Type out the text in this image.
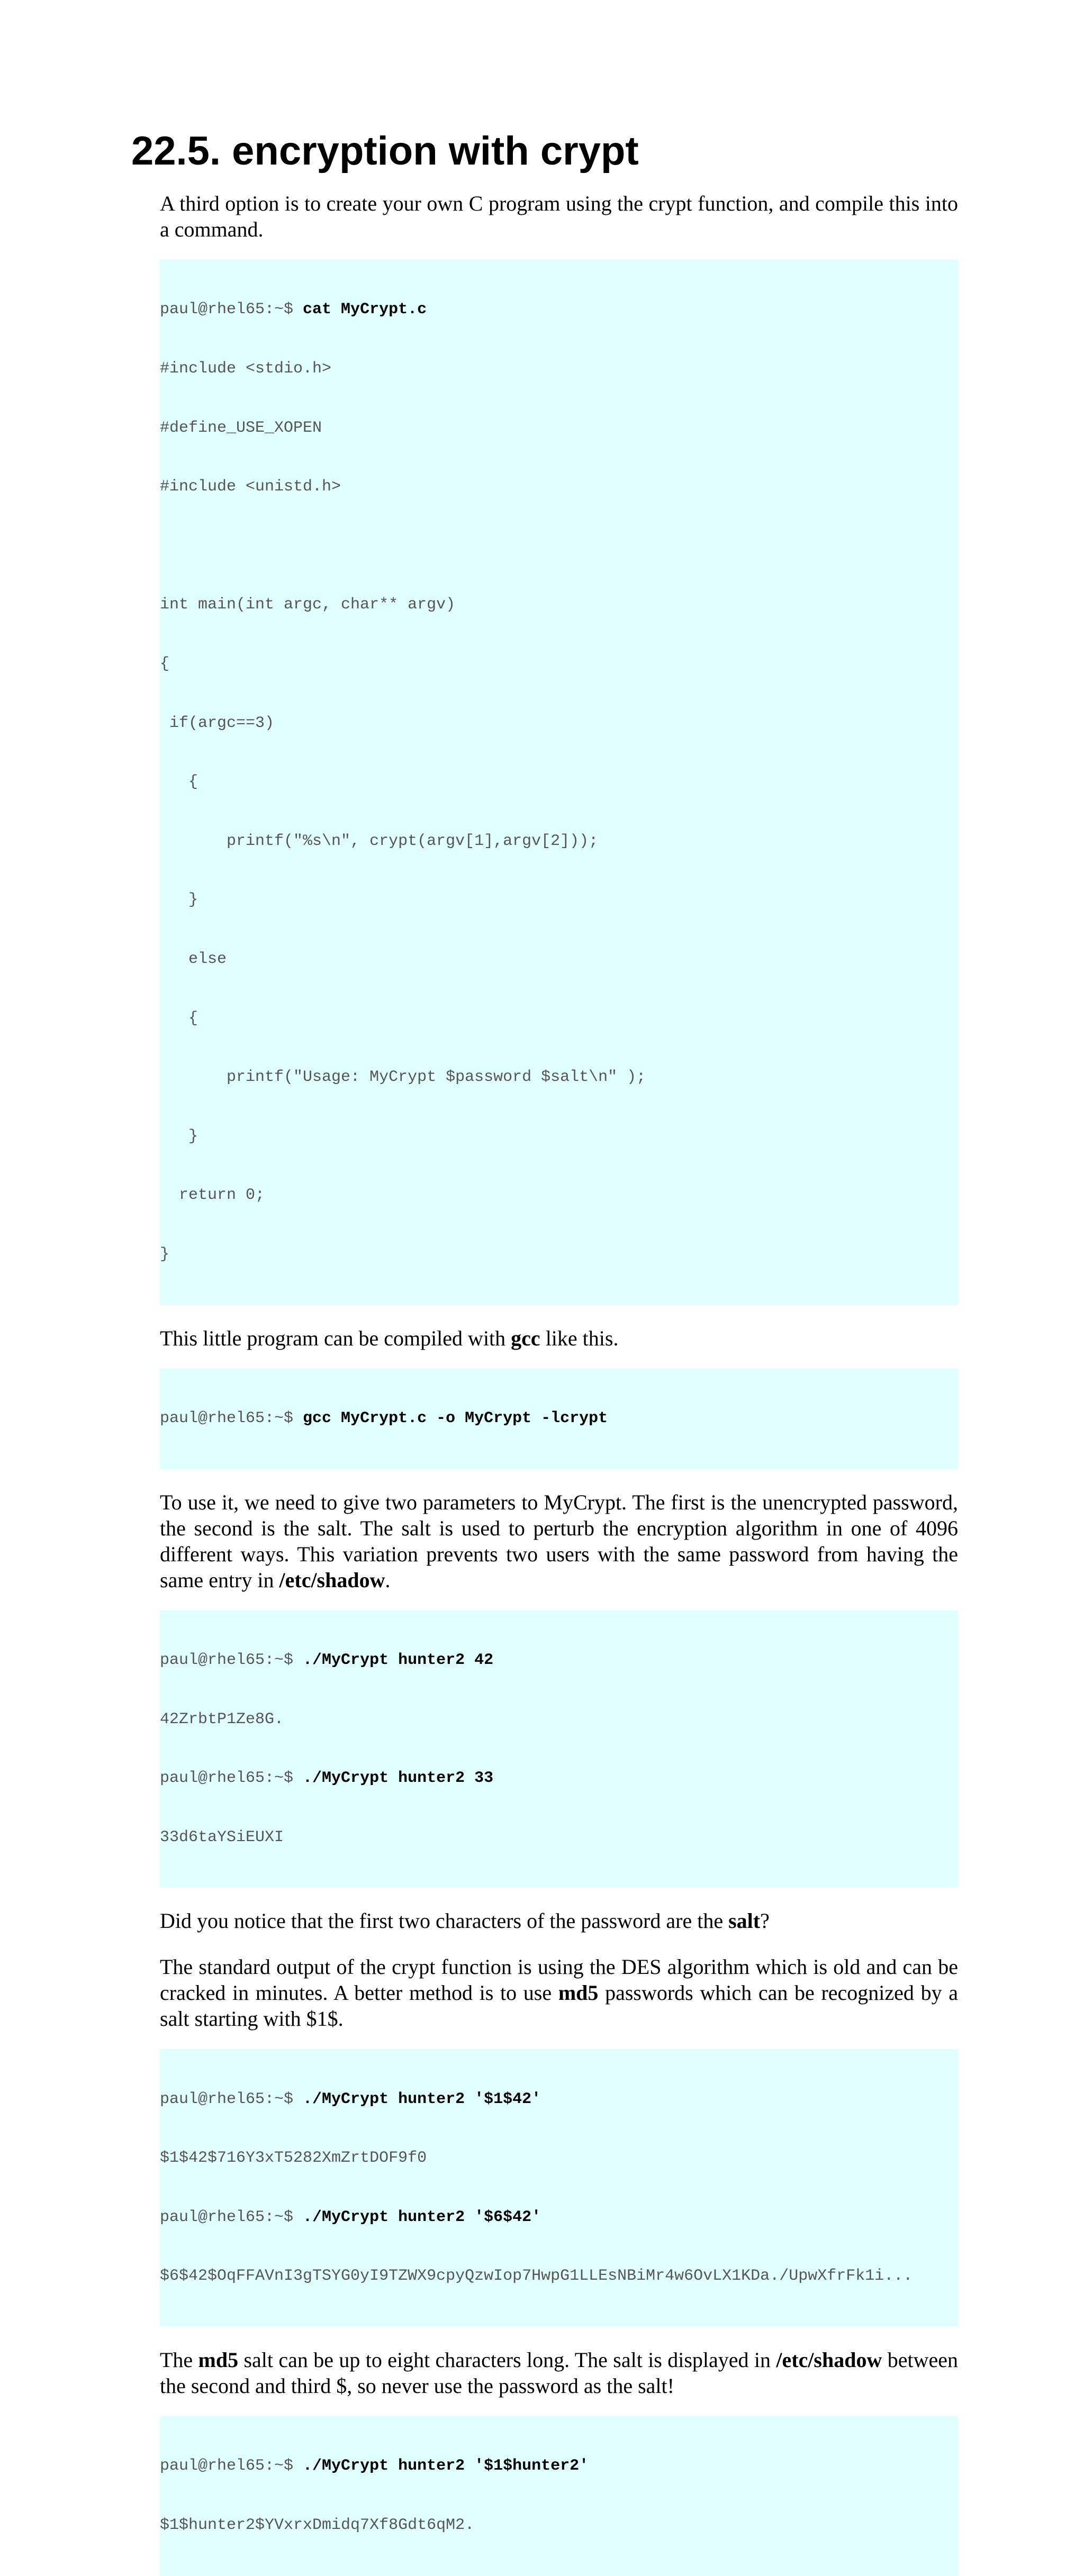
22.5. encryption with crypt

A third option is to create your own C program using the crypt function, and compile this into a command.

paul@rhel65:~$ cat MyCrypt.c

#include <stdio.h>

#define_USE_XOPEN

#include <unistd.h>

int main(int argc, char** argv)

{

if(argc==3)

{

printf("%s\n", crypt(argv[1],argv[2]));

}

else

{

printf("Usage: MyCrypt $password $salt\n" );

}

return 0;

}

This little program can be compiled with gcc like this.

paul@rhel65:~$ gcc MyCrypt.c -o MyCrypt -lcrypt

To use it, we need to give two parameters to MyCrypt. The first is the unencrypted password, the second is the salt. The salt is used to perturb the encryption algorithm in one of 4096 different ways. This variation prevents two users with the same password from having the same entry in /etc/shadow.

paul@rhel65:~$ ./MyCrypt hunter2 42

42ZrbtP1Ze8G.

paul@rhel65:~$ ./MyCrypt hunter2 33

33d6taYSiEUXI

Did you notice that the first two characters of the password are the salt?

The standard output of the crypt function is using the DES algorithm which is old and can be cracked in minutes. A better method is to use md5 passwords which can be recognized by a salt starting with $1$.

paul@rhel65:~$ ./MyCrypt hunter2 '$1$42'

$1$42$716Y3xT5282XmZrtDOF9f0

paul@rhel65:~$ ./MyCrypt hunter2 '$6$42'

$6$42$OqFFAVnI3gTSYG0yI9TZWX9cpyQzwIop7HwpG1LLEsNBiMr4w6OvLX1KDa./UpwXfrFk1i...

The md5 salt can be up to eight characters long. The salt is displayed in /etc/shadow between the second and third $, so never use the password as the salt!

paul@rhel65:~$ ./MyCrypt hunter2 '$1$hunter2'

$1$hunter2$YVxrxDmidq7Xf8Gdt6qM2.
